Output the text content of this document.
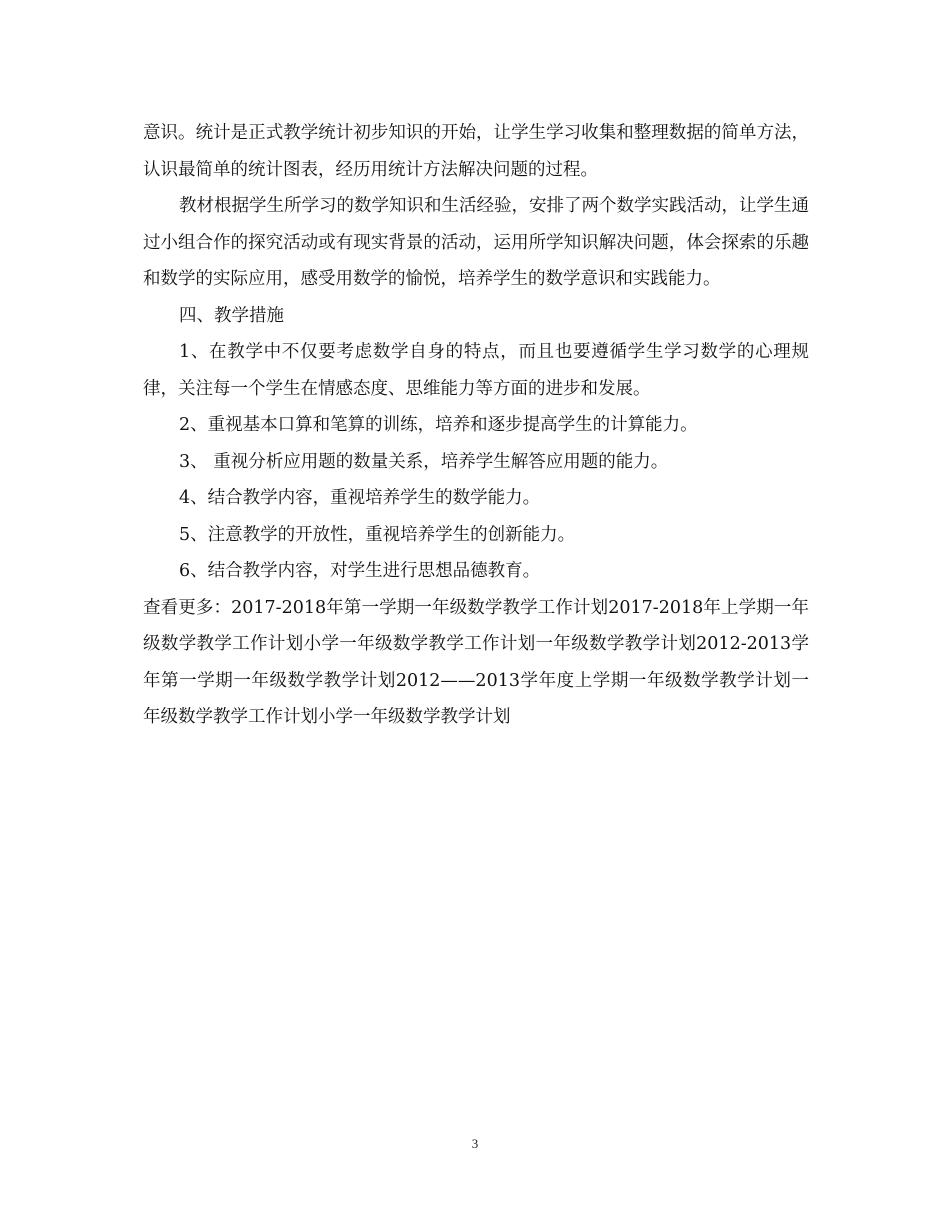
意识。统计是正式教学统计初步知识的开始，让学生学习收集和整理数据的简单方法，认识最简单的统计图表，经历用统计方法解决问题的过程。

教材根据学生所学习的数学知识和生活经验，安排了两个数学实践活动，让学生通过小组合作的探究活动或有现实背景的活动，运用所学知识解决问题，体会探索的乐趣和数学的实际应用，感受用数学的愉悦，培养学生的数学意识和实践能力。

四、教学措施

1、在教学中不仅要考虑数学自身的特点，而且也要遵循学生学习数学的心理规律，关注每一个学生在情感态度、思维能力等方面的进步和发展。

2、重视基本口算和笔算的训练，培养和逐步提高学生的计算能力。

3、 重视分析应用题的数量关系，培养学生解答应用题的能力。

4、结合教学内容，重视培养学生的数学能力。

5、注意教学的开放性，重视培养学生的创新能力。

6、结合教学内容，对学生进行思想品德教育。

查看更多：2017-2018年第一学期一年级数学教学工作计划2017-2018年上学期一年级数学教学工作计划小学一年级数学教学工作计划一年级数学教学计划2012-2013学年第一学期一年级数学教学计划2012——2013学年度上学期一年级数学教学计划一年级数学教学工作计划小学一年级数学教学计划

3
